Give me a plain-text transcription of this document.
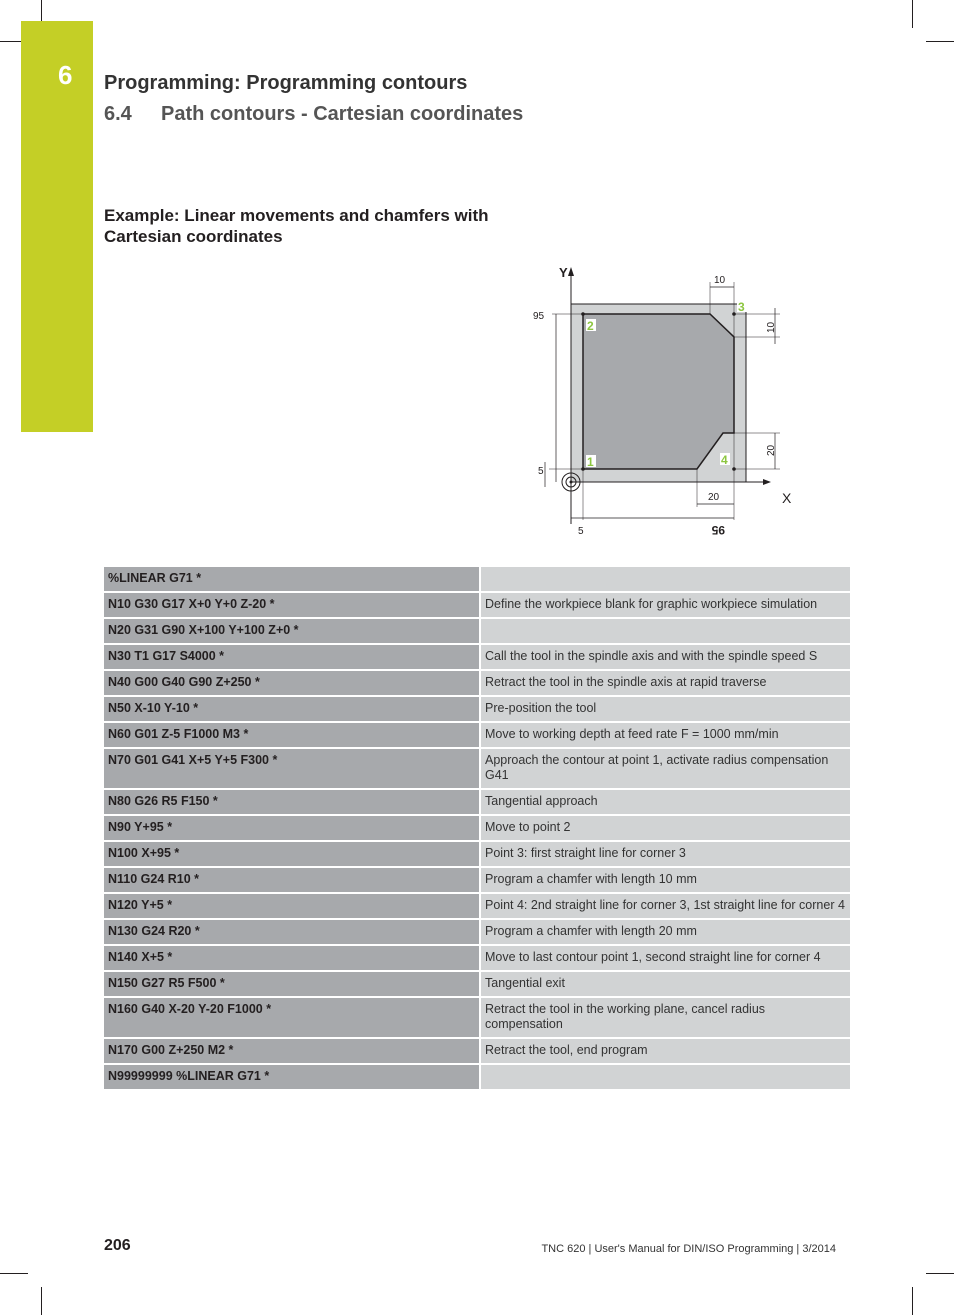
6 Programming: Programming contours
6.4 Path contours - Cartesian coordinates
Example: Linear movements and chamfers with Cartesian coordinates
Y
X
95
5
20
5	95
10
10
20
1
2
3
4
%LINEAR G71 *	
N10 G30 G17 X+0 Y+0 Z-20 *	Define the workpiece blank for graphic workpiece simulation
N20 G31 G90 X+100 Y+100 Z+0 *	
N30 T1 G17 S4000 *	Call the tool in the spindle axis and with the spindle speed S
N40 G00 G40 G90 Z+250 *	Retract the tool in the spindle axis at rapid traverse
N50 X-10 Y-10 *	Pre-position the tool
N60 G01 Z-5 F1000 M3 *	Move to working depth at feed rate F = 1000 mm/min
N70 G01 G41 X+5 Y+5 F300 *	Approach the contour at point 1, activate radius compensation G41
N80 G26 R5 F150 *	Tangential approach
N90 Y+95 *	Move to point 2
N100 X+95 *	Point 3: first straight line for corner 3
N110 G24 R10 *	Program a chamfer with length 10 mm
N120 Y+5 *	Point 4: 2nd straight line for corner 3, 1st straight line for corner 4
N130 G24 R20 *	Program a chamfer with length 20 mm
N140 X+5 *	Move to last contour point 1, second straight line for corner 4
N150 G27 R5 F500 *	Tangential exit
N160 G40 X-20 Y-20 F1000 *	Retract the tool in the working plane, cancel radius compensation
N170 G00 Z+250 M2 *	Retract the tool, end program
N99999999 %LINEAR G71 *	
206	TNC 620 | User's Manual for DIN/ISO Programming | 3/2014
